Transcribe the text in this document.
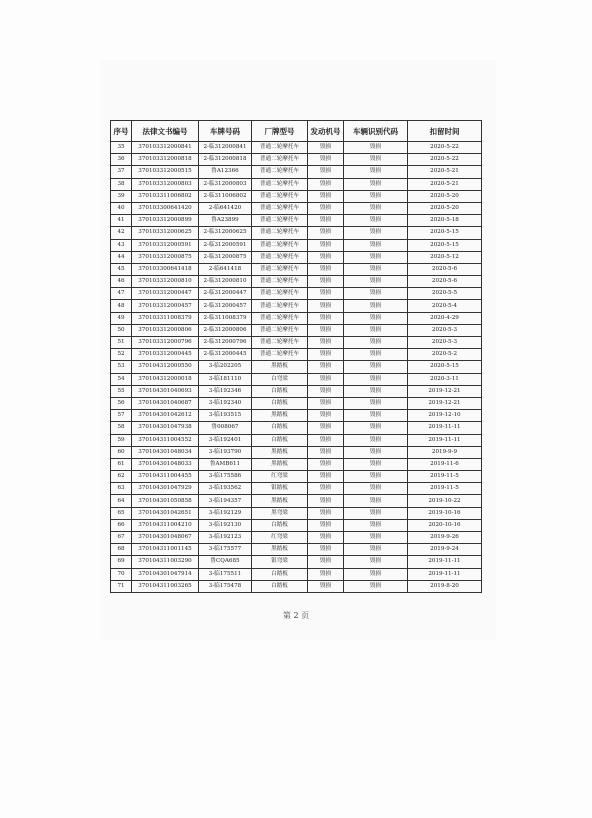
序号	法律文书编号	车牌号码	厂牌型号	发动机号	车辆识别代码	扣留时间
35	370103312000841	2-临312000841	普通二轮摩托车	毁损	毁损	2020-5-22
36	370103312000818	2-临312000818	普通二轮摩托车	毁损	毁损	2020-5-22
37	370103312000515	鲁A12366	普通二轮摩托车	毁损	毁损	2020-5-21
38	370103312000803	2-临312000803	普通二轮摩托车	毁损	毁损	2020-5-21
39	370103311006802	2-临311006802	普通二轮摩托车	毁损	毁损	2020-5-20
40	370103300641420	2-临641420	普通二轮摩托车	毁损	毁损	2020-5-20
41	370103312000899	鲁A23899	普通二轮摩托车	毁损	毁损	2020-5-18
42	370103312000625	2-临312000625	普通二轮摩托车	毁损	毁损	2020-5-15
43	370103312000591	2-临312000591	普通二轮摩托车	毁损	毁损	2020-5-15
44	370103312000875	2-临312000875	普通二轮摩托车	毁损	毁损	2020-5-12
45	370103300641418	2-临641418	普通二轮摩托车	毁损	毁损	2020-5-6
46	370103312000810	2-临312000810	普通二轮摩托车	毁损	毁损	2020-5-6
47	370103312000447	2-临312000447	普通二轮摩托车	毁损	毁损	2020-5-5
48	370103312000457	2-临312000457	普通二轮摩托车	毁损	毁损	2020-5-4
49	370103311008379	2-临311008379	普通二轮摩托车	毁损	毁损	2020-4-29
50	370103312000806	2-临312000806	普通二轮摩托车	毁损	毁损	2020-5-3
51	370103312000796	2-临312000796	普通二轮摩托车	毁损	毁损	2020-5-3
52	370103312000445	2-临312000445	普通二轮摩托车	毁损	毁损	2020-5-2
53	370104312000550	3-临202205	黑踏板	毁损	毁损	2020-5-15
54	370104312000018	3-临181110	白弯梁	毁损	毁损	2020-3-11
55	370104301040693	3-临192346	白踏板	毁损	毁损	2019-12-21
56	370104301040687	3-临192340	白踏板	毁损	毁损	2019-12-21
57	370104301042612	3-临193515	黑踏板	毁损	毁损	2019-12-10
58	370104301047938	鲁008067	白踏板	毁损	毁损	2019-11-11
59	370104311004552	3-临192401	白踏板	毁损	毁损	2019-11-11
60	370104301048034	3-临193790	黑踏板	毁损	毁损	2019-9-9
61	370104301048033	鲁AMB611	黑踏板	毁损	毁损	2019-11-6
62	370104311004455	3-临175586	红弯梁	毁损	毁损	2019-11-5
63	370104301047929	3-临193562	银踏板	毁损	毁损	2019-11-5
64	370104301050858	3-临194357	黑踏板	毁损	毁损	2019-10-22
65	370104301042651	3-临192129	黑弯梁	毁损	毁损	2019-10-16
66	370104311004210	3-临192130	白踏板	毁损	毁损	2020-10-16
67	370104301048067	3-临192123	红弯梁	毁损	毁损	2019-9-26
68	370104311001145	3-临175577	黑踏板	毁损	毁损	2019-9-24
69	370104311003290	鲁CQA685	银弯梁	毁损	毁损	2019-11-11
70	370104301047914	3-临175511	白踏板	毁损	毁损	2019-11-11
71	370104311003265	3-临175478	白踏板	毁损	毁损	2019-8-20
第 2 页
